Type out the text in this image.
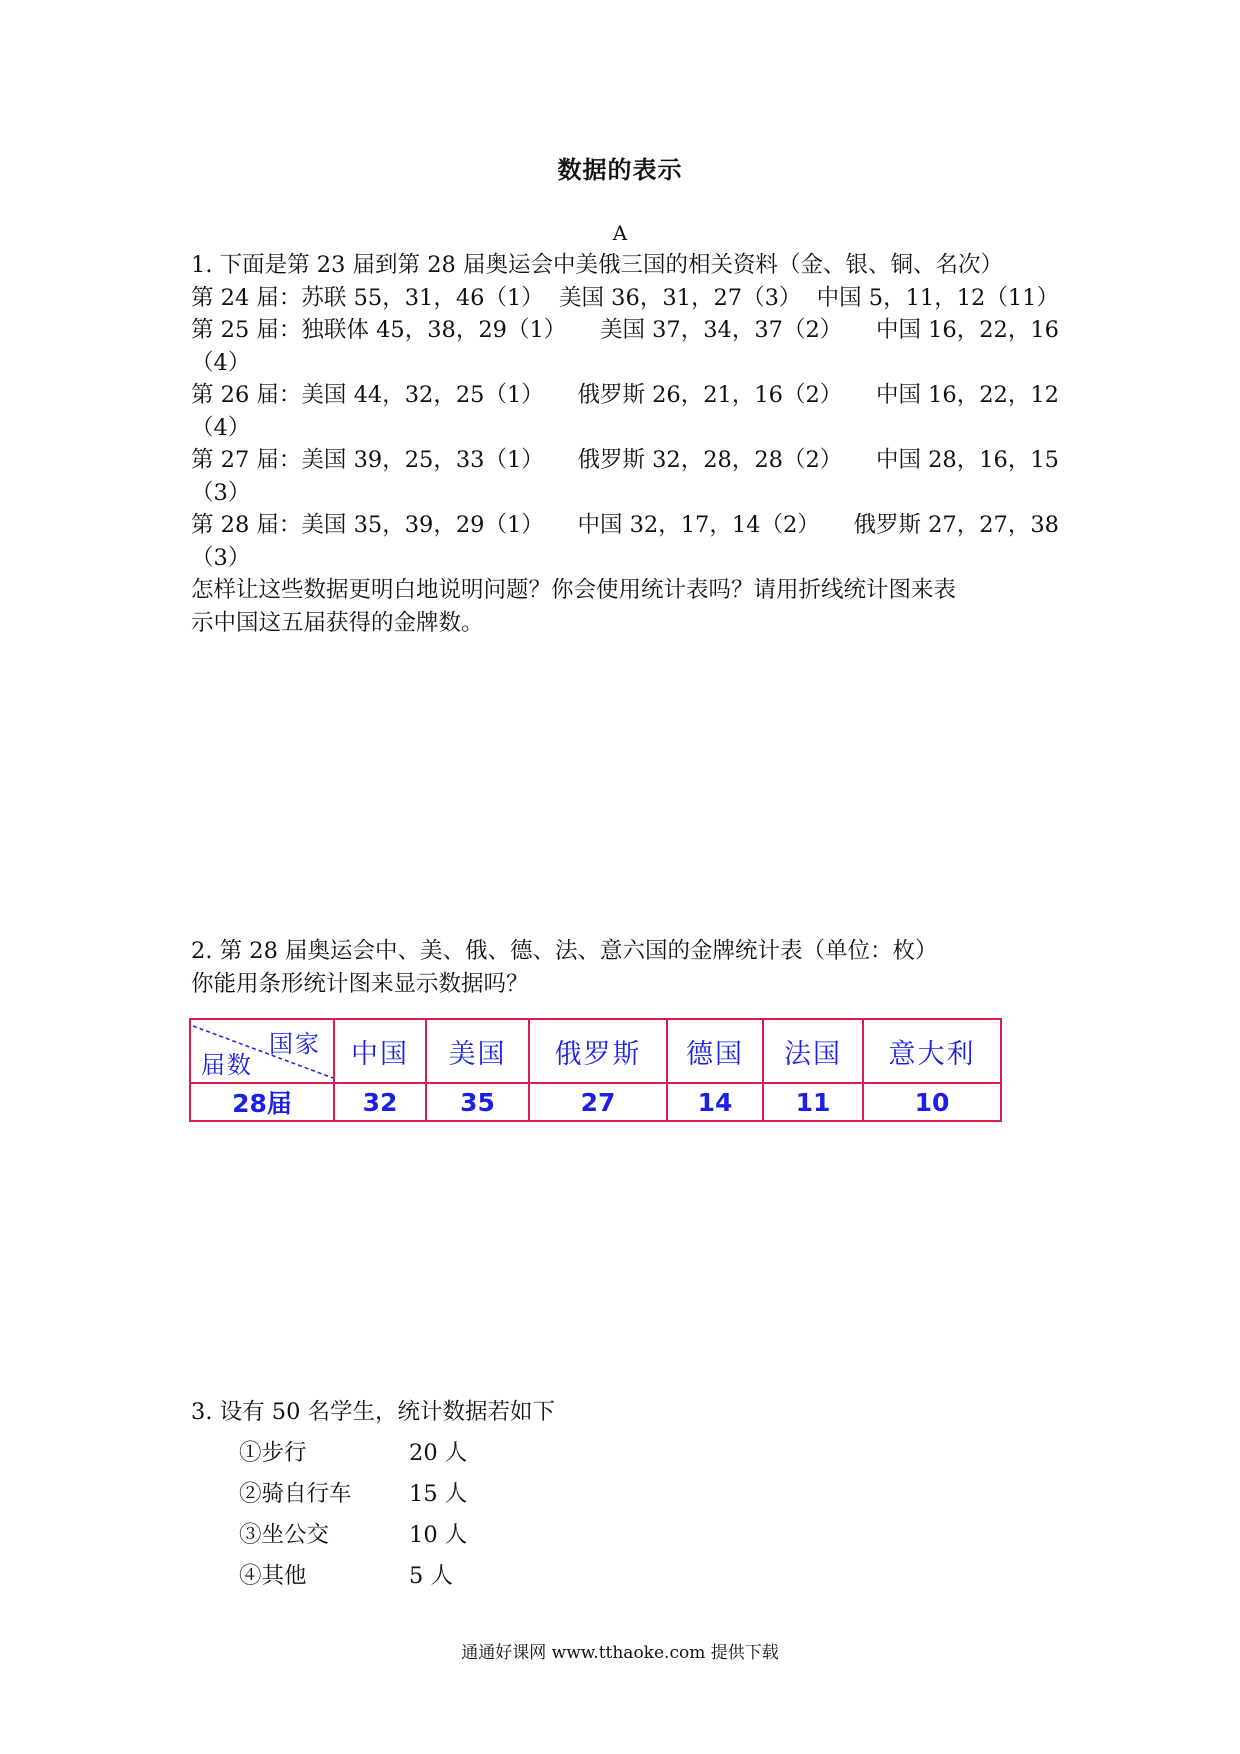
数据的表示
A
1. 下面是第 23 届到第 28 届奥运会中美俄三国的相关资料（金、银、铜、名次）
第 24 届：苏联 55，31，46（1） 美国 36，31，27（3） 中国 5，11，12（11）
第 25 届：独联体 45，38，29（1） 美国 37，34，37（2） 中国 16，22，16
（4）
第 26 届：美国 44，32，25（1） 俄罗斯 26，21，16（2） 中国 16，22，12
（4）
第 27 届：美国 39，25，33（1） 俄罗斯 32，28，28（2） 中国 28，16，15
（3）
第 28 届：美国 35，39，29（1） 中国 32，17，14（2） 俄罗斯 27，27，38
（3）
怎样让这些数据更明白地说明问题？你会使用统计表吗？请用折线统计图来表
示中国这五届获得的金牌数。
2. 第 28 届奥运会中、美、俄、德、法、意六国的金牌统计表（单位：枚）
你能用条形统计图来显示数据吗？
国家
届数	中国	美国	俄罗斯	德国	法国	意大利
28届	32	35	27	14	11	10
3. 设有 50 名学生，统计数据若如下
①步行	20 人
②骑自行车	15 人
③坐公交	10 人
④其他	5 人
通通好课网 www.tthaoke.com 提供下载
